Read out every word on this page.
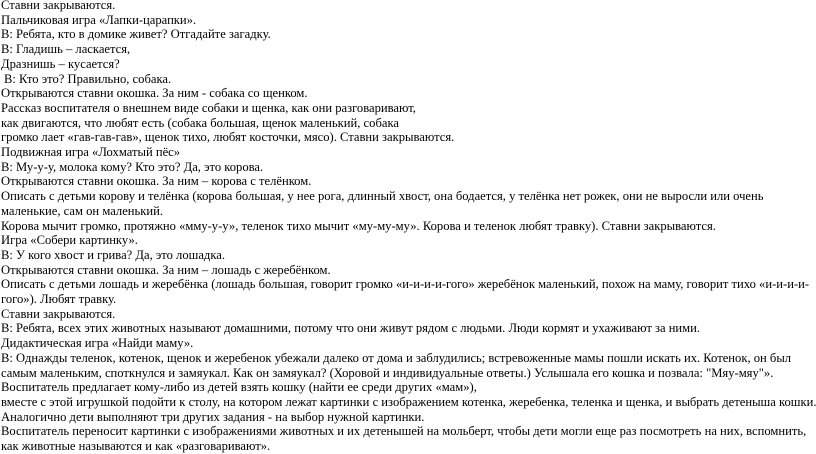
Ставни закрываются.

Пальчиковая игра «Лапки-царапки».

В: Ребята, кто в домике живет? Отгадайте загадку.

В: Гладишь – ласкается,

Дразнишь – кусается?

В: Кто это? Правильно, собака.

Открываются ставни окошка. За ним - собака со щенком.

Рассказ воспитателя о внешнем виде собаки и щенка, как они разговаривают,

как двигаются, что любят есть (собака большая, щенок маленький, собака

громко лает «гав-гав-гав», щенок тихо, любят косточки, мясо). Ставни закрываются.

Подвижная игра «Лохматый пёс»

В: Му-у-у, молока кому? Кто это? Да, это корова.

Открываются ставни окошка. За ним – корова с телёнком.

Описать с детьми корову и телёнка (корова большая, у нее рога, длинный хвост, она бодается, у телёнка нет рожек, они не выросли или очень маленькие, сам он маленький.

Корова мычит громко, протяжно «мму-у-у», теленок тихо мычит «му-му-му». Корова и теленок любят травку). Ставни закрываются.

Игра «Собери картинку».

В: У кого хвост и грива? Да, это лошадка.

Открываются ставни окошка. За ним – лошадь с жеребёнком.

Описать с детьми лошадь и жеребёнка (лошадь большая, говорит громко «и-и-и-и-гого» жеребёнок маленький, похож на маму, говорит тихо «и-и-и-и-гого»). Любят травку.

Ставни закрываются.

В: Ребята, всех этих животных называют домашними, потому что они живут рядом с людьми. Люди кормят и ухаживают за ними.

Дидактическая игра «Найди маму».

В: Однажды теленок, котенок, щенок и жеребенок убежали далеко от дома и заблудились; встревоженные мамы пошли искать их. Котенок, он был самым маленьким, споткнулся и замяукал. Как он замяукал? (Хоровой и индивидуальные ответы.) Услышала его кошка и позвала: "Мяу-мяу"».

Воспитатель предлагает кому-либо из детей взять кошку (найти ее среди других «мам»),

вместе с этой игрушкой подойти к столу, на котором лежат картинки с изображением котенка, жеребенка, теленка и щенка, и выбрать детеныша кошки.

Аналогично дети выполняют три других задания - на выбор нужной картинки.

Воспитатель переносит картинки с изображениями животных и их детенышей на мольберт, чтобы дети могли еще раз посмотреть на них, вспомнить, как животные называются и как «разговаривают».
